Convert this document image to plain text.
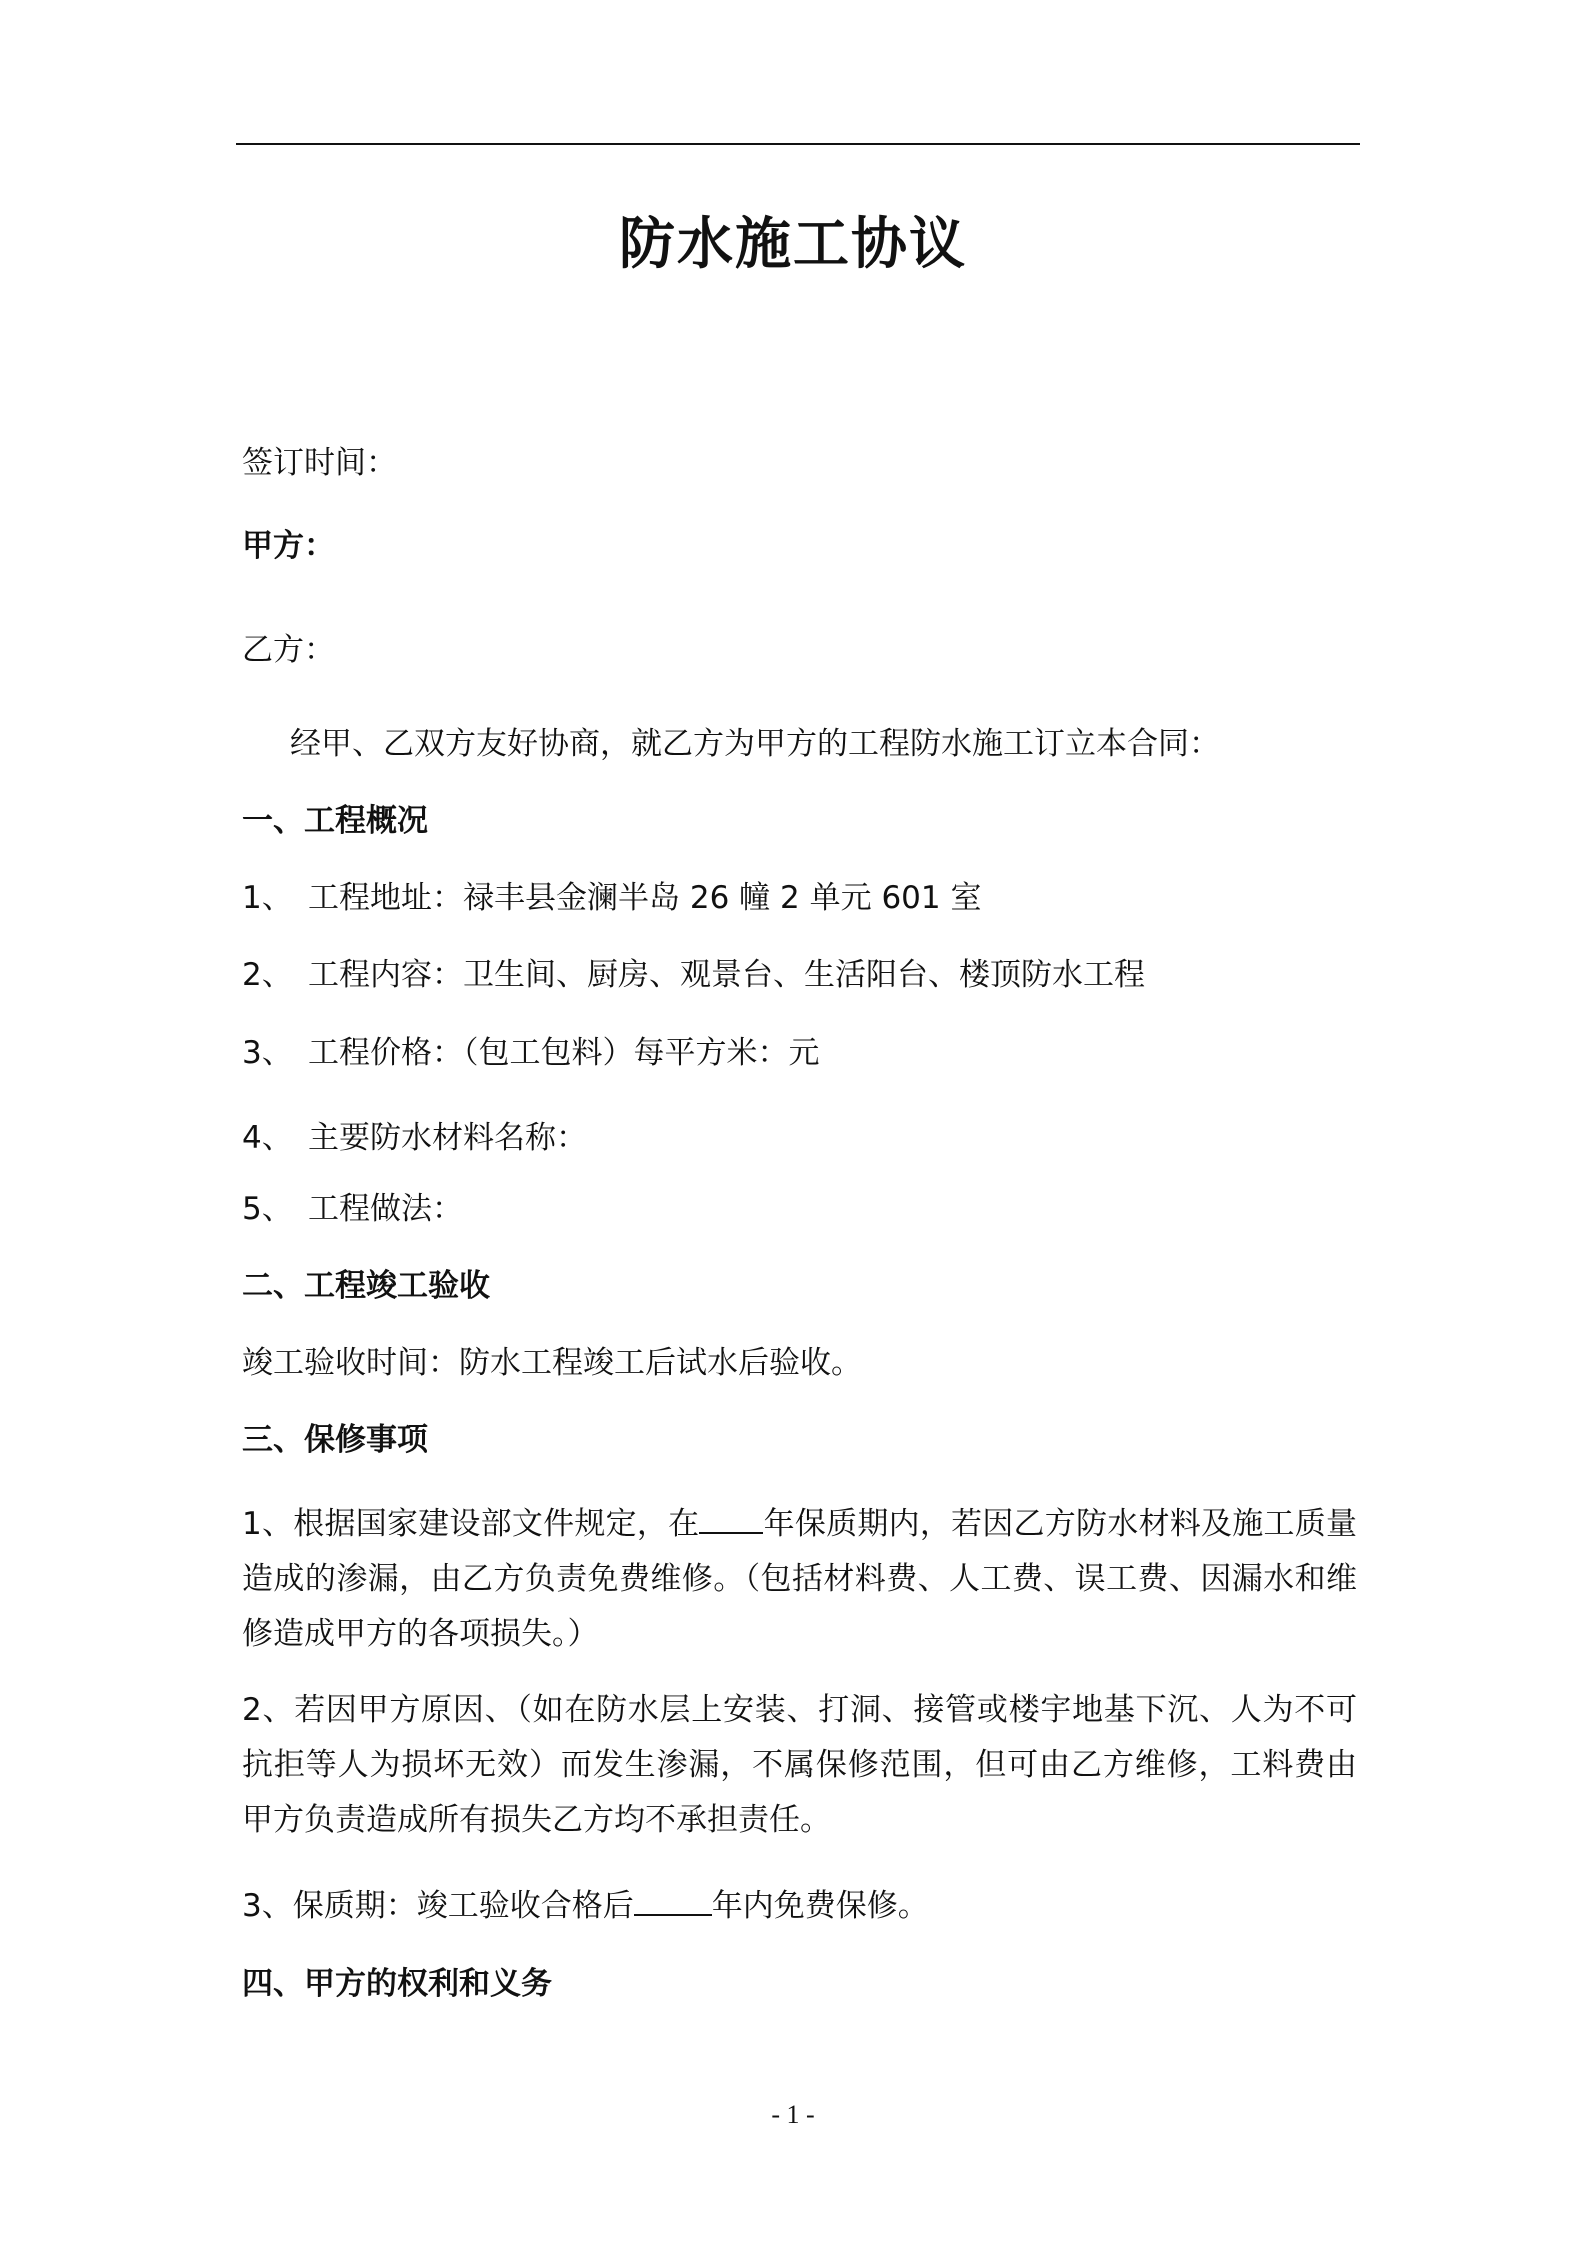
防水施工协议
签订时间：
甲方：
乙方：
经甲、乙双方友好协商，就乙方为甲方的工程防水施工订立本合同：
一、工程概况
1、 工程地址：禄丰县金澜半岛 26 幢 2 单元 601 室
2、 工程内容：卫生间、厨房、观景台、生活阳台、楼顶防水工程
3、 工程价格：（包工包料）每平方米：元
4、 主要防水材料名称：
5、 工程做法：
二、工程竣工验收
竣工验收时间：防水工程竣工后试水后验收。
三、保修事项
1、根据国家建设部文件规定，在 年保质期内，若因乙方防水材料及施工质量造成的渗漏，由乙方负责免费维修。（包括材料费、人工费、误工费、因漏水和维修造成甲方的各项损失。）
2、若因甲方原因、（如在防水层上安装、打洞、接管或楼宇地基下沉、人为不可抗拒等人为损坏无效）而发生渗漏，不属保修范围，但可由乙方维修，工料费由甲方负责造成所有损失乙方均不承担责任。
3、保质期：竣工验收合格后	年内免费保修。
四、甲方的权利和义务
- 1 -
